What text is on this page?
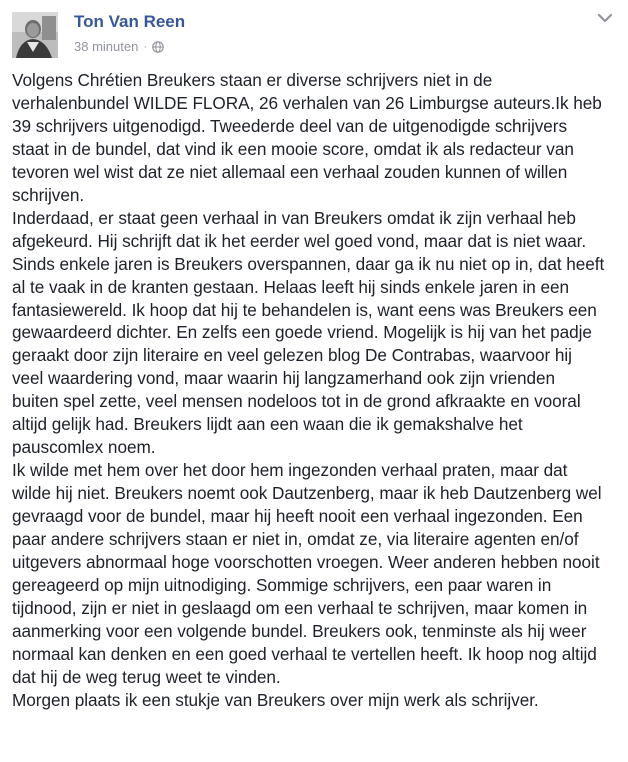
Ton Van Reen
38 minuten ·
Volgens Chrétien Breukers staan er diverse schrijvers niet in de
verhalenbundel WILDE FLORA, 26 verhalen van 26 Limburgse auteurs.Ik heb
39 schrijvers uitgenodigd. Tweederde deel van de uitgenodigde schrijvers
staat in de bundel, dat vind ik een mooie score, omdat ik als redacteur van
tevoren wel wist dat ze niet allemaal een verhaal zouden kunnen of willen
schrijven.
Inderdaad, er staat geen verhaal in van Breukers omdat ik zijn verhaal heb
afgekeurd. Hij schrijft dat ik het eerder wel goed vond, maar dat is niet waar.
Sinds enkele jaren is Breukers overspannen, daar ga ik nu niet op in, dat heeft
al te vaak in de kranten gestaan. Helaas leeft hij sinds enkele jaren in een
fantasiewereld. Ik hoop dat hij te behandelen is, want eens was Breukers een
gewaardeerd dichter. En zelfs een goede vriend. Mogelijk is hij van het padje
geraakt door zijn literaire en veel gelezen blog De Contrabas, waarvoor hij
veel waardering vond, maar waarin hij langzamerhand ook zijn vrienden
buiten spel zette, veel mensen nodeloos tot in de grond afkraakte en vooral
altijd gelijk had. Breukers lijdt aan een waan die ik gemakshalve het
pauscomlex noem.
Ik wilde met hem over het door hem ingezonden verhaal praten, maar dat
wilde hij niet. Breukers noemt ook Dautzenberg, maar ik heb Dautzenberg wel
gevraagd voor de bundel, maar hij heeft nooit een verhaal ingezonden. Een
paar andere schrijvers staan er niet in, omdat ze, via literaire agenten en/of
uitgevers abnormaal hoge voorschotten vroegen. Weer anderen hebben nooit
gereageerd op mijn uitnodiging. Sommige schrijvers, een paar waren in
tijdnood, zijn er niet in geslaagd om een verhaal te schrijven, maar komen in
aanmerking voor een volgende bundel. Breukers ook, tenminste als hij weer
normaal kan denken en een goed verhaal te vertellen heeft. Ik hoop nog altijd
dat hij de weg terug weet te vinden.
Morgen plaats ik een stukje van Breukers over mijn werk als schrijver.
